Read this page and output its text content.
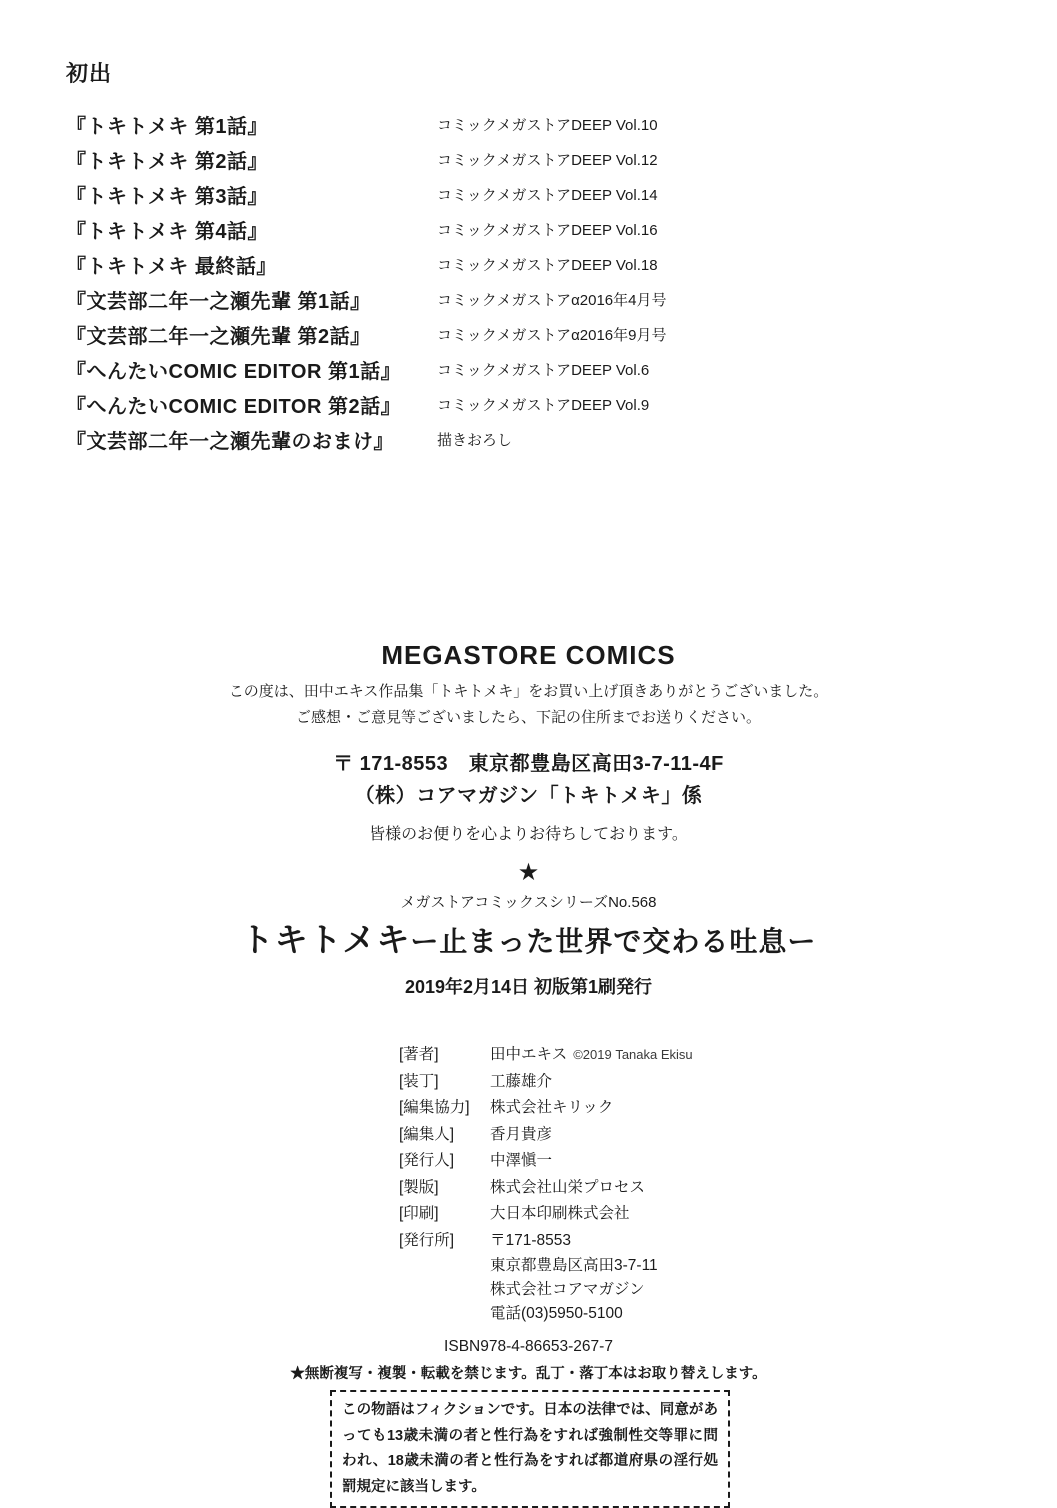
初出
『トキトメキ 第1話』	コミックメガストアDEEP Vol.10
『トキトメキ 第2話』	コミックメガストアDEEP Vol.12
『トキトメキ 第3話』	コミックメガストアDEEP Vol.14
『トキトメキ 第4話』	コミックメガストアDEEP Vol.16
『トキトメキ 最終話』	コミックメガストアDEEP Vol.18
『文芸部二年一之瀬先輩 第1話』	コミックメガストアα2016年4月号
『文芸部二年一之瀬先輩 第2話』	コミックメガストアα2016年9月号
『へんたいCOMIC EDITOR 第1話』	コミックメガストアDEEP Vol.6
『へんたいCOMIC EDITOR 第2話』	コミックメガストアDEEP Vol.9
『文芸部二年一之瀬先輩のおまけ』	描きおろし
MEGASTORE COMICS

この度は、田中エキス作品集「トキトメキ」をお買い上げ頂きありがとうございました。

ご感想・ご意見等ございましたら、下記の住所までお送りください。

〒 171-8553　東京都豊島区高田3-7-11-4F

（株）コアマガジン「トキトメキ」係

皆様のお便りを心よりお待ちしております。

★

メガストアコミックスシリーズNo.568

トキトメキー止まった世界で交わる吐息ー

2019年2月14日 初版第1刷発行

[著者]	田中エキス ©2019 Tanaka Ekisu
[装丁]	工藤雄介
[編集協力]	株式会社キリック
[編集人]	香月貴彦
[発行人]	中澤愼一
[製版]	株式会社山栄プロセス
[印刷]	大日本印刷株式会社
[発行所]	〒171-8553
東京都豊島区高田3-7-11
株式会社コアマガジン
電話(03)5950-5100

ISBN978-4-86653-267-7

★無断複写・複製・転載を禁じます。乱丁・落丁本はお取り替えします。

この物語はフィクションです。日本の法律では、同意があっても13歳未満の者と性行為をすれば強制性交等罪に問われ、18歳未満の者と性行為をすれば都道府県の淫行処罰規定に該当します。
